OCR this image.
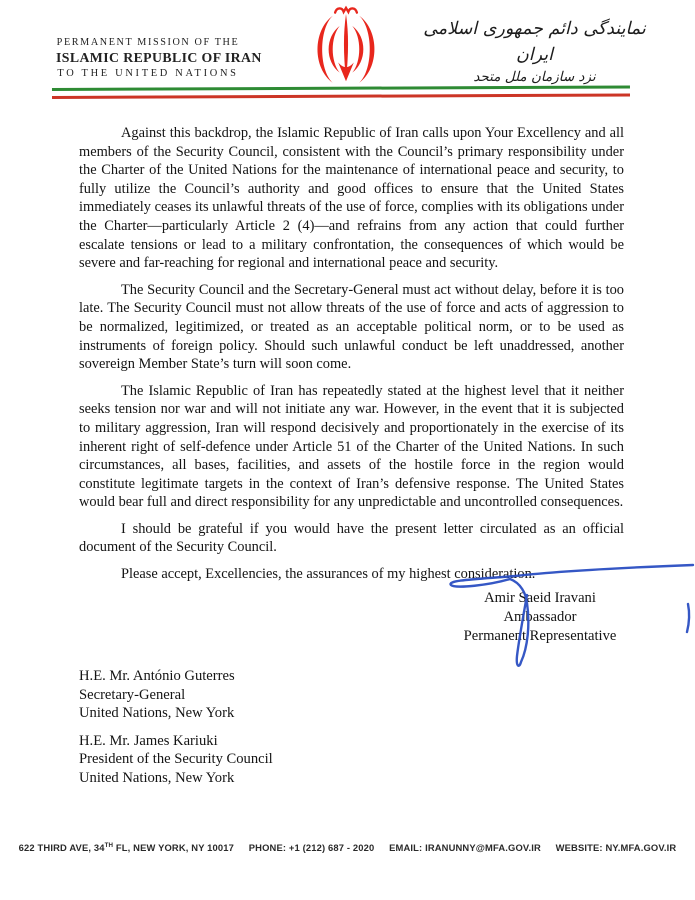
PERMANENT MISSION OF THE
ISLAMIC REPUBLIC OF IRAN
TO THE UNITED NATIONS
نمایندگی دائم جمهوری اسلامی ایران
نزد سازمان ملل متحد

Against this backdrop, the Islamic Republic of Iran calls upon Your Excellency and all members of the Security Council, consistent with the Council’s primary responsibility under the Charter of the United Nations for the maintenance of international peace and security, to fully utilize the Council’s authority and good offices to ensure that the United States immediately ceases its unlawful threats of the use of force, complies with its obligations under the Charter—particularly Article 2 (4)—and refrains from any action that could further escalate tensions or lead to a military confrontation, the consequences of which would be severe and far-reaching for regional and international peace and security.

The Security Council and the Secretary-General must act without delay, before it is too late. The Security Council must not allow threats of the use of force and acts of aggression to be normalized, legitimized, or treated as an acceptable political norm, or to be used as instruments of foreign policy. Should such unlawful conduct be left unaddressed, another sovereign Member State’s turn will soon come.

The Islamic Republic of Iran has repeatedly stated at the highest level that it neither seeks tension nor war and will not initiate any war. However, in the event that it is subjected to military aggression, Iran will respond decisively and proportionately in the exercise of its inherent right of self-defence under Article 51 of the Charter of the United Nations. In such circumstances, all bases, facilities, and assets of the hostile force in the region would constitute legitimate targets in the context of Iran’s defensive response. The United States would bear full and direct responsibility for any unpredictable and uncontrolled consequences.

I should be grateful if you would have the present letter circulated as an official document of the Security Council.

Please accept, Excellencies, the assurances of my highest consideration.

Amir Saeid Iravani
Ambassador
Permanent Representative
H.E. Mr. António Guterres
Secretary-General
United Nations, New York
H.E. Mr. James Kariuki
President of the Security Council
United Nations, New York
622 THIRD AVE, 34TH FL, NEW YORK, NY 10017 PHONE: +1 (212) 687 - 2020 EMAIL: IRANUNNY@MFA.GOV.IR WEBSITE: NY.MFA.GOV.IR
